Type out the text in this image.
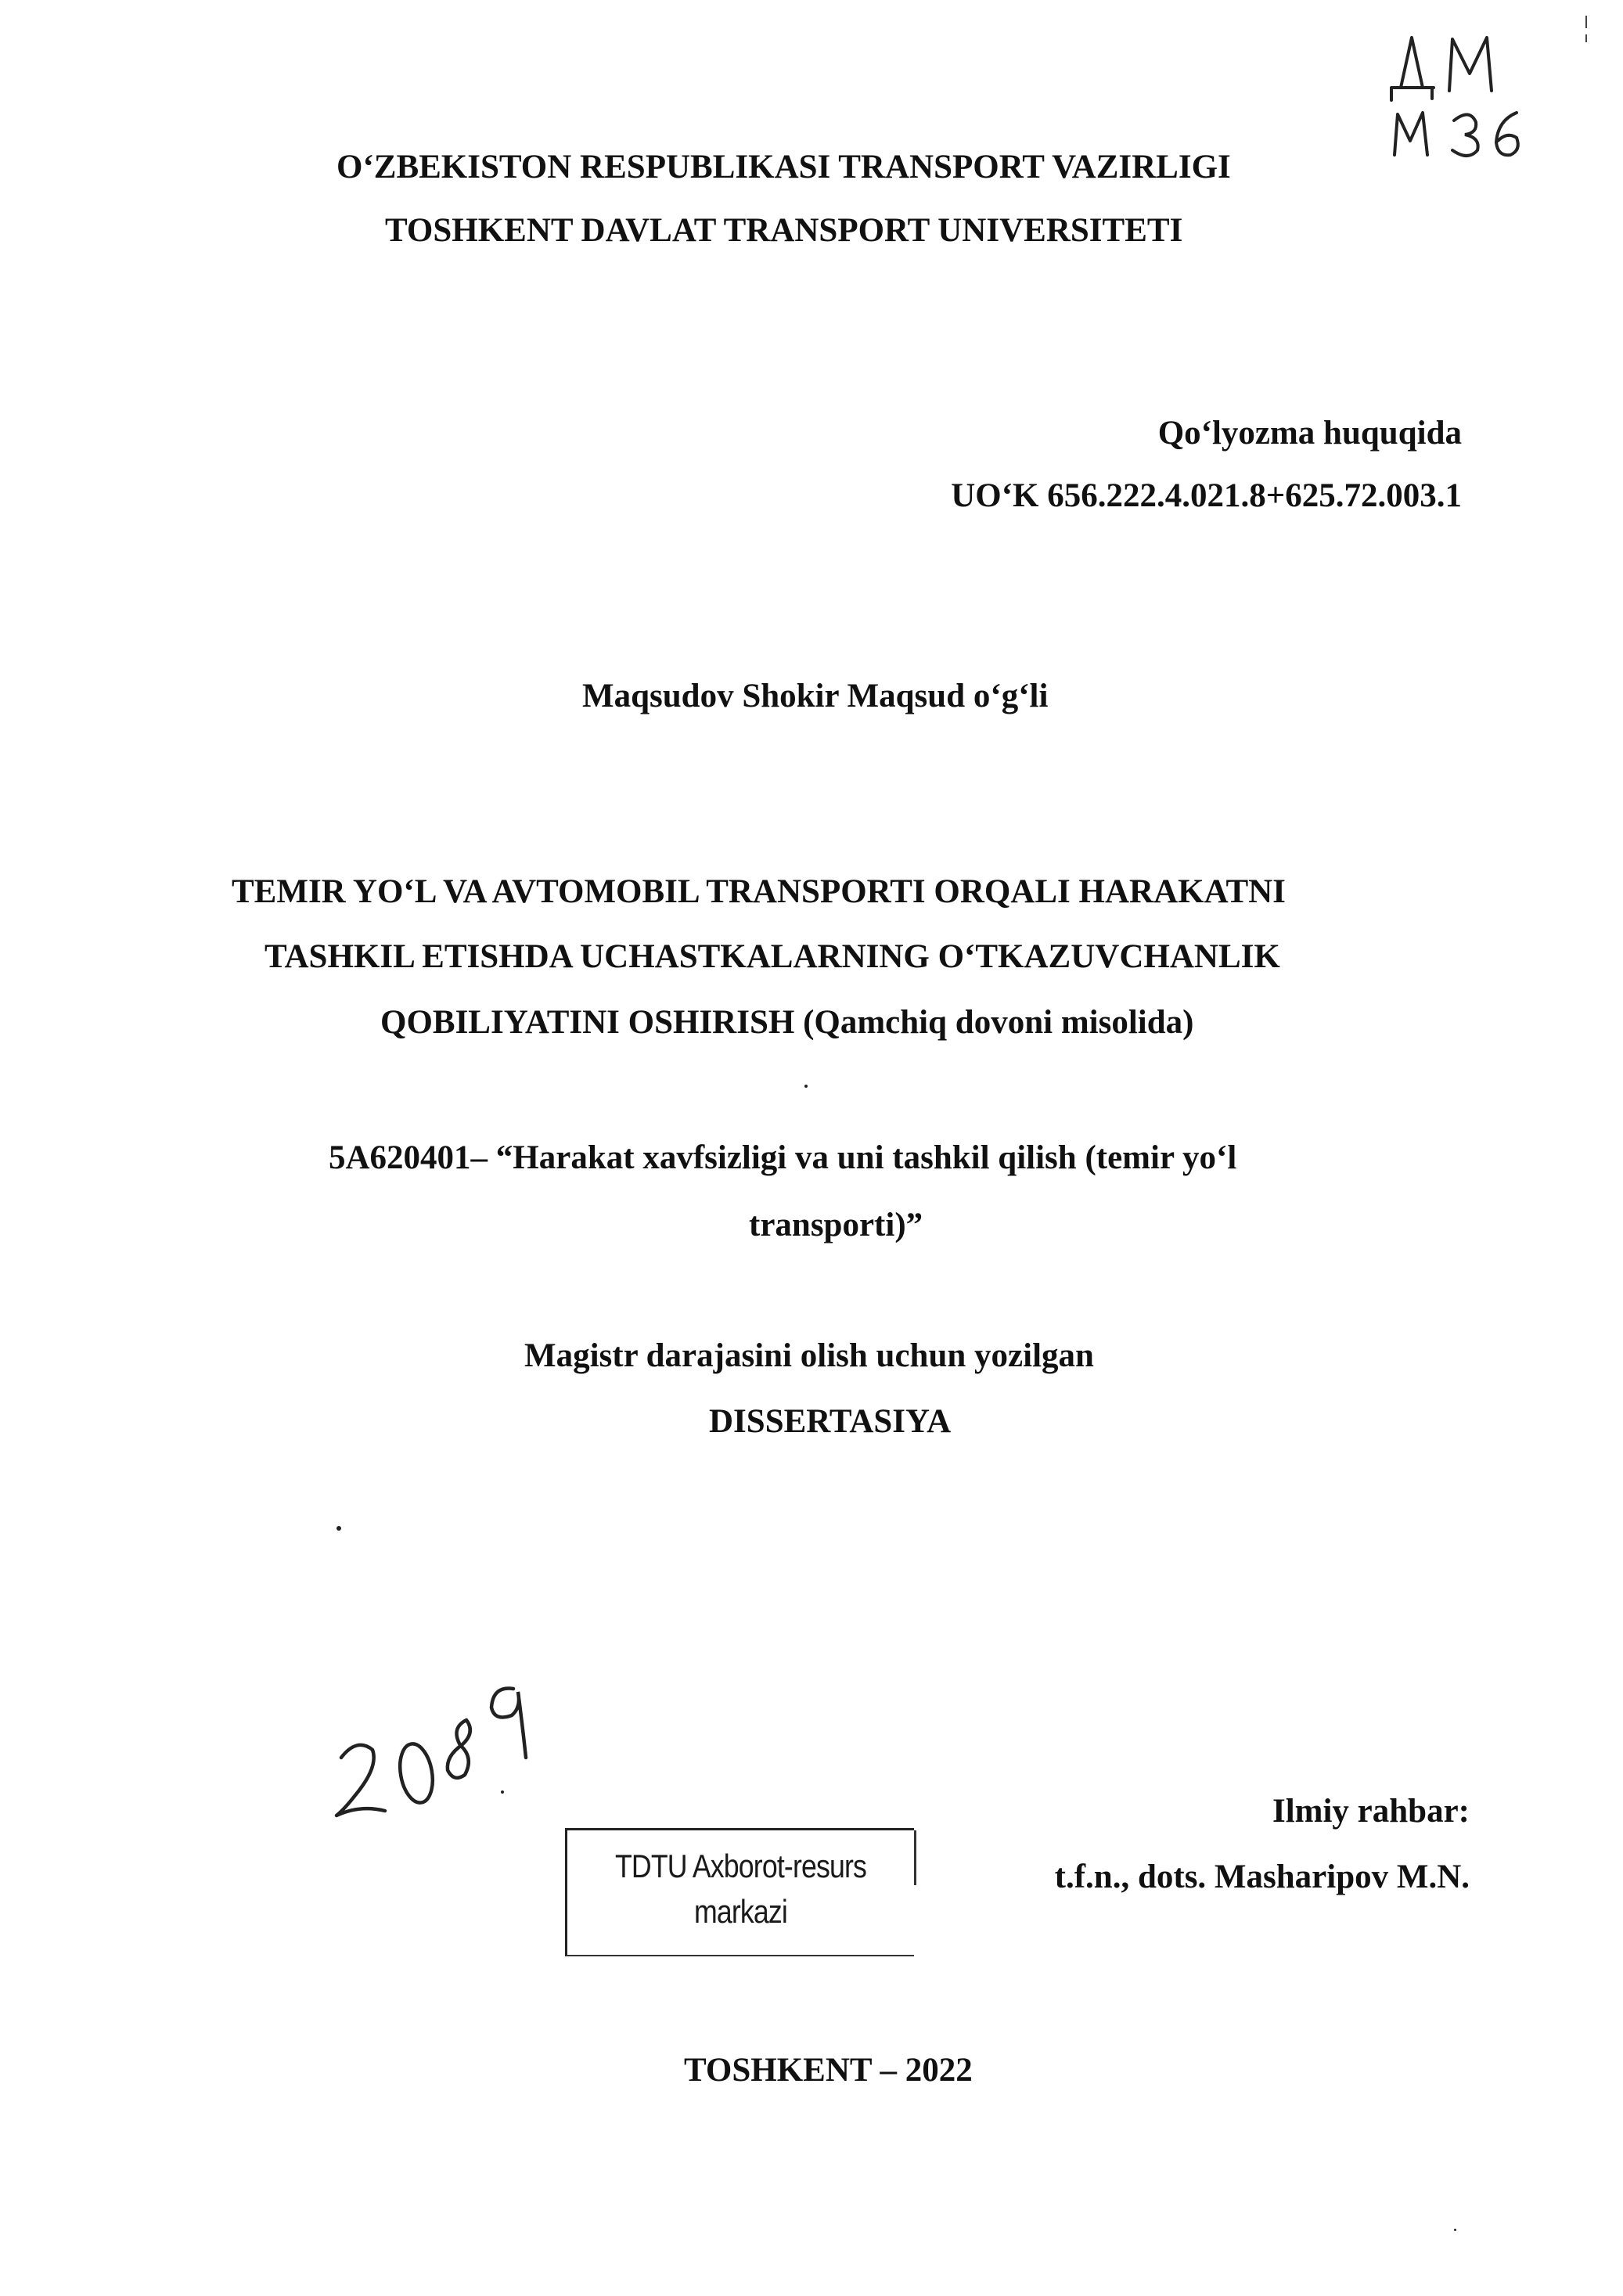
O‘ZBEKISTON RESPUBLIKASI TRANSPORT VAZIRLIGI
TOSHKENT DAVLAT TRANSPORT UNIVERSITETI
Qo‘lyozma huquqida
UO‘K 656.222.4.021.8+625.72.003.1
Maqsudov Shokir Maqsud o‘g‘li
TEMIR YO‘L VA AVTOMOBIL TRANSPORTI ORQALI HARAKATNI
TASHKIL ETISHDA UCHASTKALARNING O‘TKAZUVCHANLIK
QOBILIYATINI OSHIRISH (Qamchiq dovoni misolida)
5A620401– “Harakat xavfsizligi va uni tashkil qilish (temir yo‘l
transporti)”
Magistr darajasini olish uchun yozilgan
DISSERTASIYA
TDTU Axborot-resurs
markazi
Ilmiy rahbar:
t.f.n., dots. Masharipov M.N.
TOSHKENT – 2022
